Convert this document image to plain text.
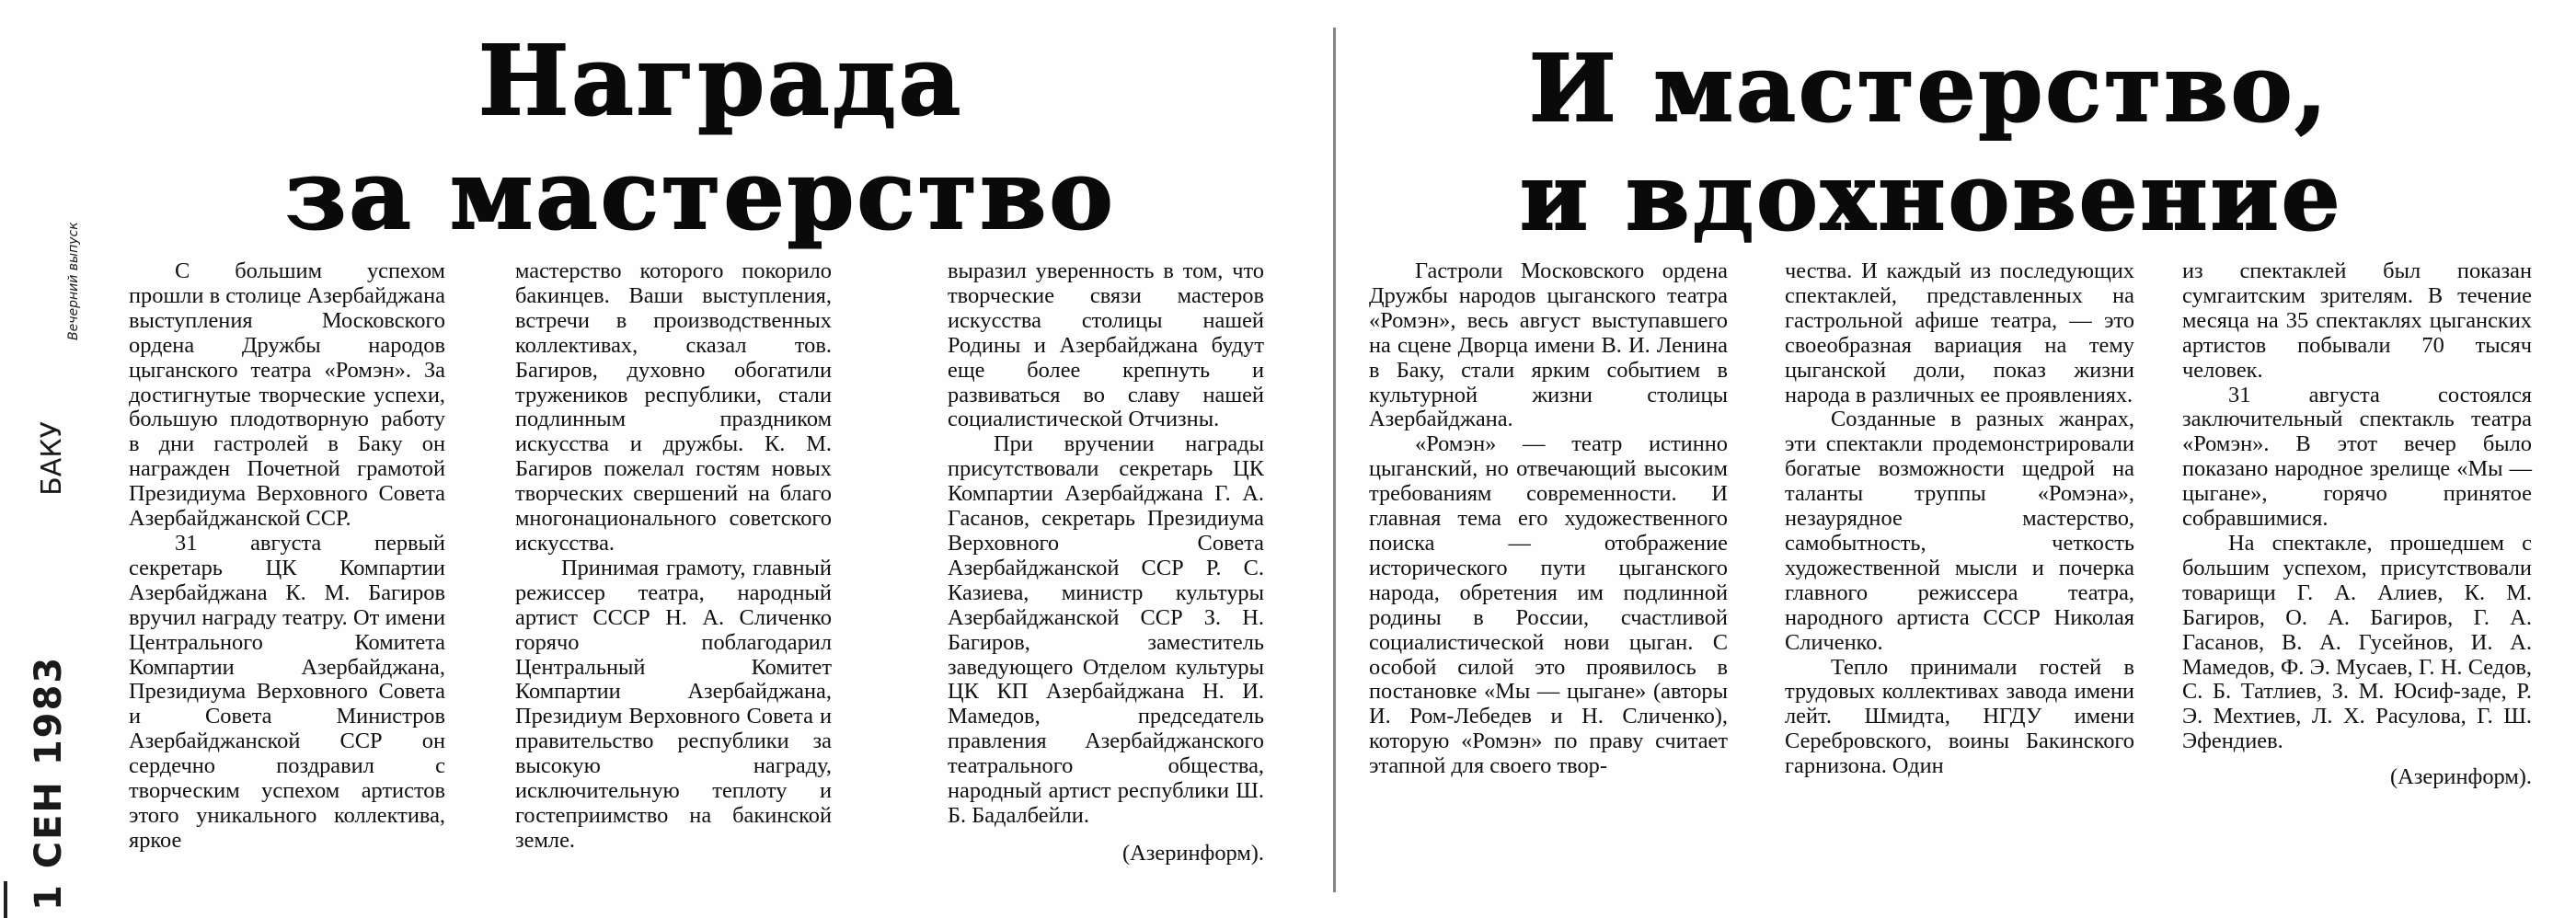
1 СЕН 1983 БАКУ
Вечерний выпуск
Награда
за мастерство

С большим успехом прошли в столице Азербайджана выступления Московского ордена Дружбы народов цыганского театра «Ромэн». За достигнутые творческие успехи, большую плодотворную работу в дни гастролей в Баку он награжден Почетной грамотой Президиума Верховного Совета Азербайджанской ССР.

31 августа первый секретарь ЦК Компартии Азербайджана К. М. Багиров вручил награду театру. От имени Центрального Комитета Компартии Азербайджана, Президиума Верховного Совета и Совета Министров Азербайджанской ССР он сердечно поздравил с творческим успехом артистов этого уникального коллектива, яркое

мастерство которого покорило бакинцев. Ваши выступления, встречи в производственных коллективах, сказал тов. Багиров, духовно обогатили тружеников республики, стали подлинным праздником искусства и дружбы. К. М. Багиров пожелал гостям новых творческих свершений на благо многонационального советского искусства.

Принимая грамоту, главный режиссер театра, народный артист СССР Н. А. Сличенко горячо поблагодарил Центральный Комитет Компартии Азербайджана, Президиум Верховного Совета и правительство республики за высокую награду, исключительную теплоту и гостеприимство на бакинской земле.

выразил уверенность в том, что творческие связи мастеров искусства столицы нашей Родины и Азербайджана будут еще более крепнуть и развиваться во славу нашей социалистической Отчизны.

При вручении награды присутствовали секретарь ЦК Компартии Азербайджана Г. А. Гасанов, секретарь Президиума Верховного Совета Азербайджанской ССР Р. С. Казиева, министр культуры Азербайджанской ССР З. Н. Багиров, заместитель заведующего Отделом культуры ЦК КП Азербайджана Н. И. Мамедов, председатель правления Азербайджанского театрального общества, народный артист республики Ш. Б. Бадалбейли.

(Азеринформ).
И мастерство,
и вдохновение

Гастроли Московского ордена Дружбы народов цыганского театра «Ромэн», весь август выступавшего на сцене Дворца имени В. И. Ленина в Баку, стали ярким событием в культурной жизни столицы Азербайджана.

«Ромэн» — театр истинно цыганский, но отвечающий высоким требованиям современности. И главная тема его художественного поиска — отображение исторического пути цыганского народа, обретения им подлинной родины в России, счастливой социалистической нови цыган. С особой силой это проявилось в постановке «Мы — цыгане» (авторы И. Ром-Лебедев и Н. Сличенко), которую «Ромэн» по праву считает этапной для своего твор-

чества. И каждый из последующих спектаклей, представленных на гастрольной афише театра, — это своеобразная вариация на тему цыганской доли, показ жизни народа в различных ее проявлениях.

Созданные в разных жанрах, эти спектакли продемонстрировали богатые возможности щедрой на таланты труппы «Ромэна», незаурядное мастерство, самобытность, четкость художественной мысли и почерка главного режиссера театра, народного артиста СССР Николая Сличенко.

Тепло принимали гостей в трудовых коллективах завода имени лейт. Шмидта, НГДУ имени Серебровского, воины Бакинского гарнизона. Один

из спектаклей был показан сумгаитским зрителям. В течение месяца на 35 спектаклях цыганских артистов побывали 70 тысяч человек.

31 августа состоялся заключительный спектакль театра «Ромэн». В этот вечер было показано народное зрелище «Мы — цыгане», горячо принятое собравшимися.

На спектакле, прошедшем с большим успехом, присутствовали товарищи Г. А. Алиев, К. М. Багиров, О. А. Багиров, Г. А. Гасанов, В. А. Гусейнов, И. А. Мамедов, Ф. Э. Мусаев, Г. Н. Седов, С. Б. Татлиев, З. М. Юсиф-заде, Р. Э. Мехтиев, Л. Х. Расулова, Г. Ш. Эфендиев.

(Азеринформ).
